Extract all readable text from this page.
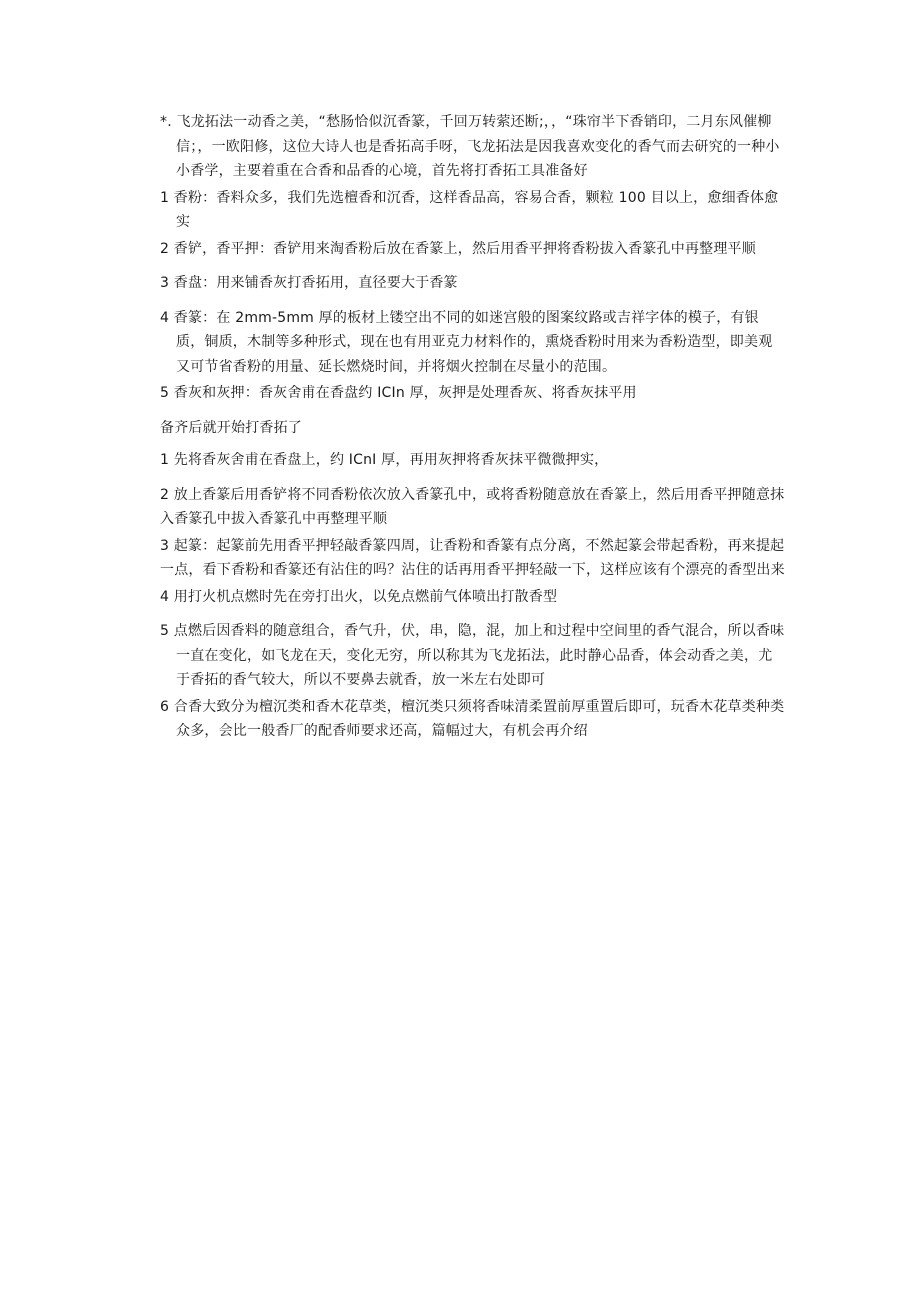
*. 飞龙拓法一动香之美，“愁肠恰似沉香篆，千回万转萦还断;，，“珠帘半下香销印，二月东风催柳信；，一欧阳修，这位大诗人也是香拓高手呀，飞龙拓法是因我喜欢变化的香气而去研究的一种小小香学，主要着重在合香和品香的心境，首先将打香拓工具准备好

1 香粉：香料众多，我们先选檀香和沉香，这样香品高，容易合香，颗粒 100 目以上，愈细香体愈实

2 香铲，香平押：香铲用来淘香粉后放在香篆上，然后用香平押将香粉拔入香篆孔中再整理平顺

3 香盘：用来铺香灰打香拓用，直径要大于香篆

4 香篆：在 2mm-5mm 厚的板材上镂空出不同的如迷宫般的图案纹路或吉祥字体的模子，有银质，铜质，木制等多种形式，现在也有用亚克力材料作的，熏烧香粉时用来为香粉造型，即美观又可节省香粉的用量、延长燃烧时间，并将烟火控制在尽量小的范围。

5 香灰和灰押：香灰舍甫在香盘约 ICIn 厚，灰押是处理香灰、将香灰抹平用

备齐后就开始打香拓了

1 先将香灰舍甫在香盘上，约 ICnI 厚，再用灰押将香灰抹平微微押实，

2 放上香篆后用香铲将不同香粉依次放入香篆孔中，或将香粉随意放在香篆上，然后用香平押随意抹入香篆孔中拔入香篆孔中再整理平顺

3 起篆：起篆前先用香平押轻敲香篆四周，让香粉和香篆有点分离，不然起篆会带起香粉，再来提起一点，看下香粉和香篆还有沾住的吗？沾住的话再用香平押轻敲一下，这样应该有个漂亮的香型出来

4 用打火机点燃时先在旁打出火，以免点燃前气体喷出打散香型

5 点燃后因香料的随意组合，香气升，伏，串，隐，混，加上和过程中空间里的香气混合，所以香味一直在变化，如飞龙在天，变化无穷，所以称其为飞龙拓法，此时静心品香，体会动香之美，尤于香拓的香气较大，所以不要鼻去就香，放一米左右处即可

6 合香大致分为檀沉类和香木花草类，檀沉类只须将香味清柔置前厚重置后即可，玩香木花草类种类众多，会比一般香厂的配香师要求还高，篇幅过大，有机会再介绍
